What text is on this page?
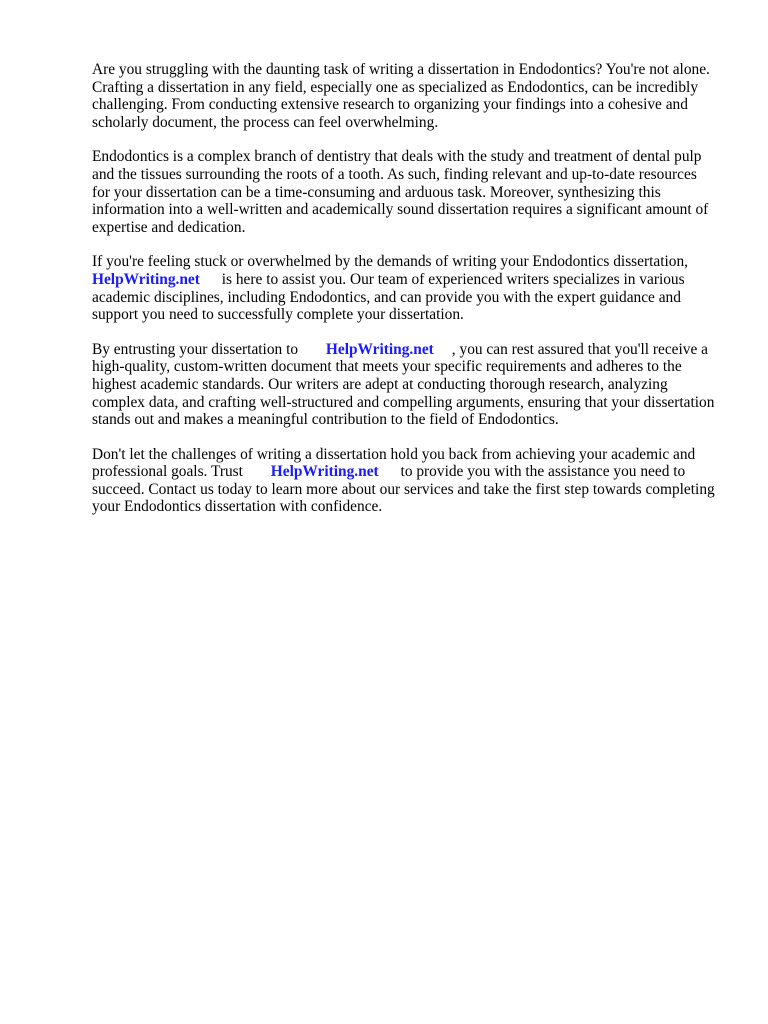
Are you struggling with the daunting task of writing a dissertation in Endodontics? You're not alone.
Crafting a dissertation in any field, especially one as specialized as Endodontics, can be incredibly
challenging. From conducting extensive research to organizing your findings into a cohesive and
scholarly document, the process can feel overwhelming.

Endodontics is a complex branch of dentistry that deals with the study and treatment of dental pulp
and the tissues surrounding the roots of a tooth. As such, finding relevant and up-to-date resources
for your dissertation can be a time-consuming and arduous task. Moreover, synthesizing this
information into a well-written and academically sound dissertation requires a significant amount of
expertise and dedication.

If you're feeling stuck or overwhelmed by the demands of writing your Endodontics dissertation,
HelpWriting.net is here to assist you. Our team of experienced writers specializes in various
academic disciplines, including Endodontics, and can provide you with the expert guidance and
support you need to successfully complete your dissertation.

By entrusting your dissertation to HelpWriting.net , you can rest assured that you'll receive a
high-quality, custom-written document that meets your specific requirements and adheres to the
highest academic standards. Our writers are adept at conducting thorough research, analyzing
complex data, and crafting well-structured and compelling arguments, ensuring that your dissertation
stands out and makes a meaningful contribution to the field of Endodontics.

Don't let the challenges of writing a dissertation hold you back from achieving your academic and
professional goals. Trust HelpWriting.net to provide you with the assistance you need to
succeed. Contact us today to learn more about our services and take the first step towards completing
your Endodontics dissertation with confidence.
